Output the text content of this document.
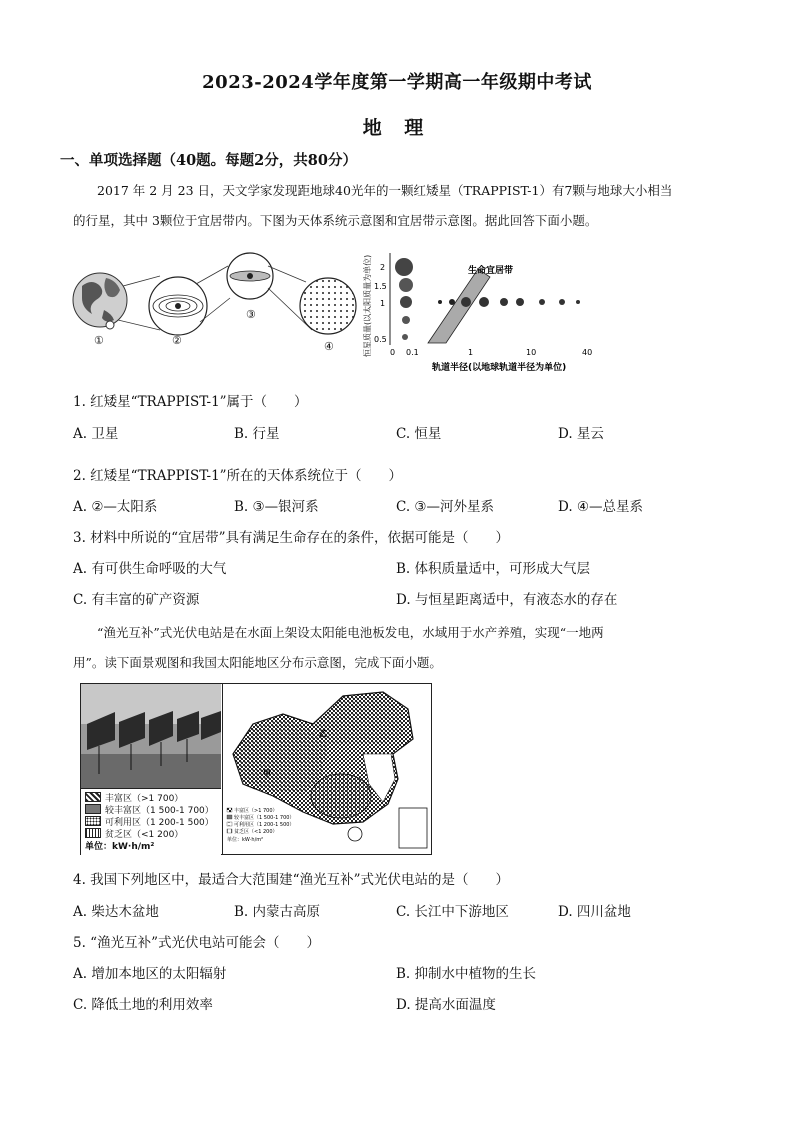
2023-2024学年度第一学期高一年级期中考试
地 理
一、单项选择题（40题。每题2分，共80分）
2017 年 2 月 23 日，天文学家发现距地球40光年的一颗红矮星（TRAPPIST-1）有7颗与地球大小相当
的行星，其中 3颗位于宜居带内。下图为天体系统示意图和宜居带示意图。据此回答下面小题。
①	②
③
④	恒星质量(以太阳质量为单位) 2
1.5
1
0.5
生命宜居带
0 0.1	1	10	40
轨道半径(以地球轨道半径为单位)
1. 红矮星“TRAPPIST-1”属于（　　）
A. 卫星	B. 行星	C. 恒星	D. 星云
2. 红矮星“TRAPPIST-1”所在的天体系统位于（　　）
A. ②—太阳系	B. ③—银河系	C. ③—河外星系	D. ④—总星系
3. 材料中所说的“宜居带”具有满足生命存在的条件，依据可能是（　　）
A. 有可供生命呼吸的大气	B. 体积质量适中，可形成大气层
C. 有丰富的矿产资源	D. 与恒星距离适中，有液态水的存在
“渔光互补”式光伏电站是在水面上架设太阳能电池板发电，水域用于水产养殖，实现“一地两
用”。读下面景观图和我国太阳能地区分布示意图，完成下面小题。
丰富区（>1 700）
较丰富区（1 500-1 700）
可利用区（1 200-1 500）
贫乏区（<1 200）
单位：kW·h/m²
乙
甲
丰富区（>1 700）
较丰富区（1 500-1 700）
可利用区（1 200-1 500）
贫乏区（<1 200）
单位：kW·h/m²
4. 我国下列地区中，最适合大范围建“渔光互补”式光伏电站的是（　　）
A. 柴达木盆地	B. 内蒙古高原	C. 长江中下游地区	D. 四川盆地
5. “渔光互补”式光伏电站可能会（　　）
A. 增加本地区的太阳辐射	B. 抑制水中植物的生长
C. 降低土地的利用效率	D. 提高水面温度
